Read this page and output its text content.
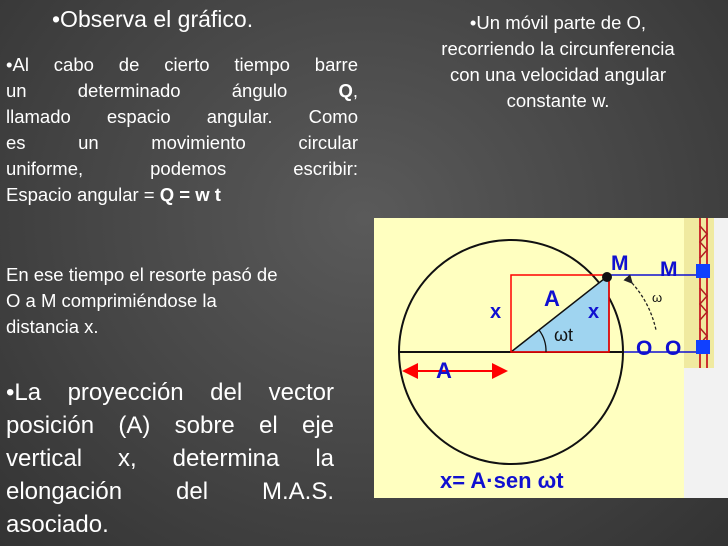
•Observa el gráfico.
•Al cabo de cierto tiempo barre
un determinado ángulo Q,
llamado espacio angular. Como
es un movimiento circular
uniforme, podemos escribir:
Espacio angular = Q = w t
En ese tiempo el resorte pasó de
O a M comprimiéndose la
distancia x.
•La proyección del vector
posición (A) sobre el eje
vertical x, determina la
elongación del M.A.S.
asociado.
•Un móvil parte de O,
recorriendo la circunferencia
con una velocidad angular
constante w.
M M
O O
A
A
x	x
ωt
ω
x= A·sen ωt
